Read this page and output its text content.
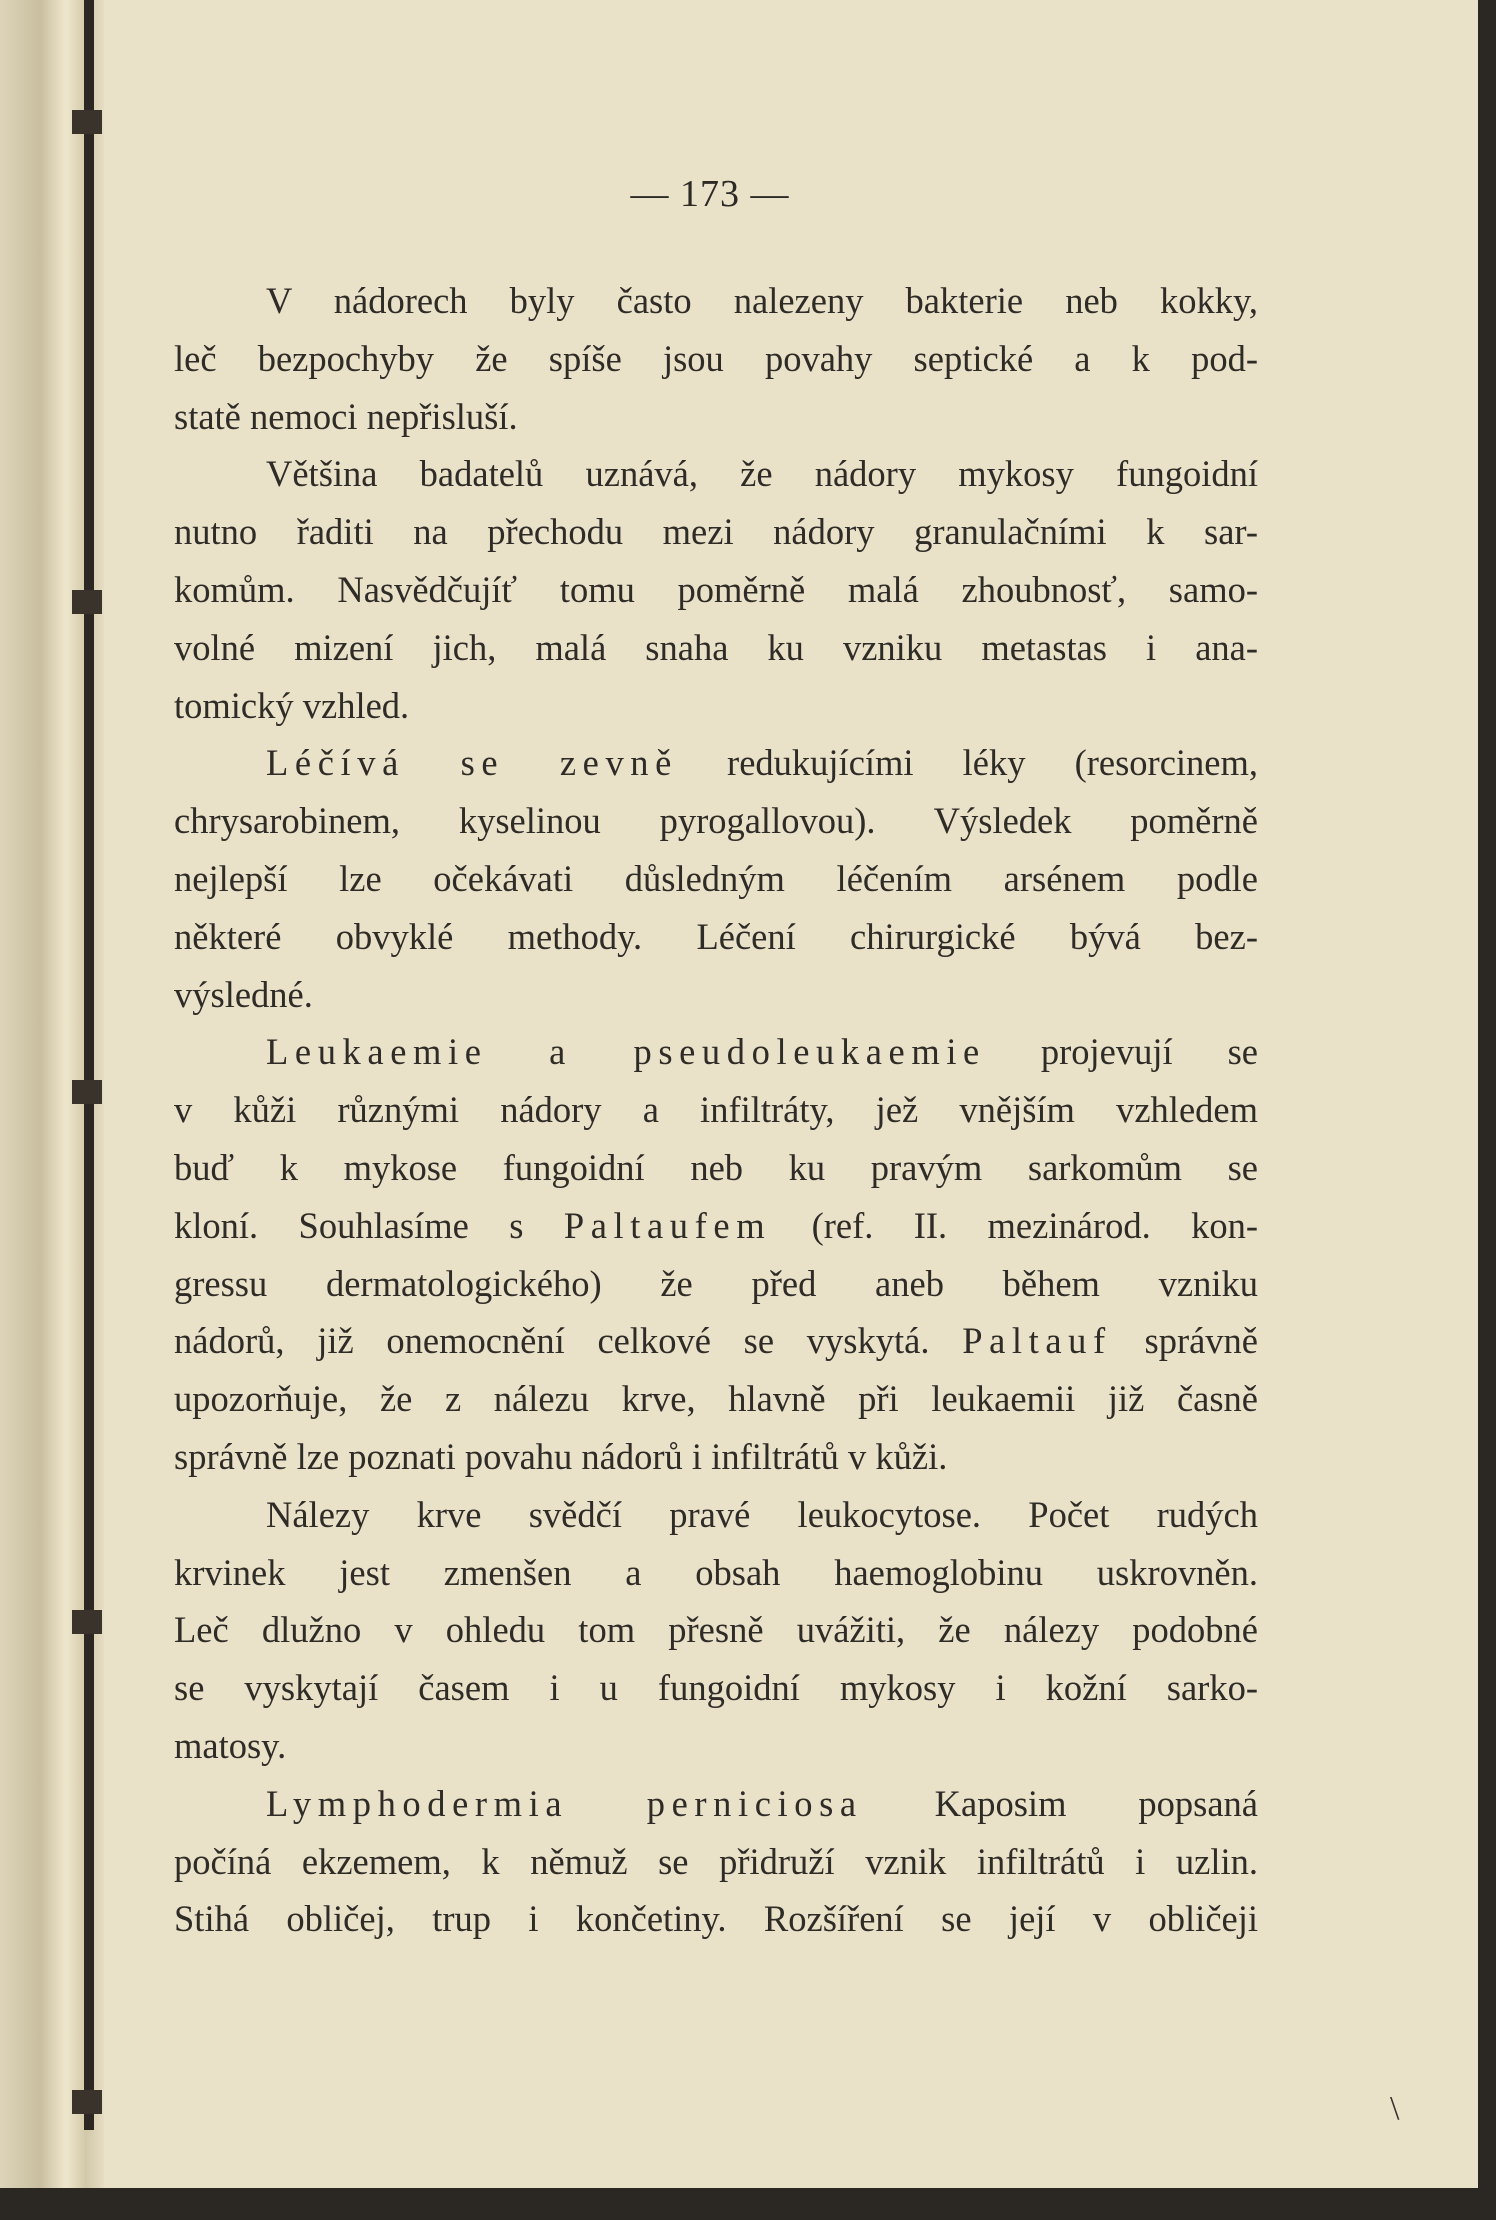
— 173 —
V nádorech byly často nalezeny bakterie neb kokky,
leč bezpochyby že spíše jsou povahy septické a k pod-
statě nemoci nepřisluší.
Většina badatelů uznává, že nádory mykosy fungoidní
nutno řaditi na přechodu mezi nádory granulačními k sar-
komům. Nasvědčujíť tomu poměrně malá zhoubnosť, samo-
volné mizení jich, malá snaha ku vzniku metastas i ana-
tomický vzhled.
Léčívá se zevně redukujícími léky (resorcinem,
chrysarobinem, kyselinou pyrogallovou). Výsledek poměrně
nejlepší lze očekávati důsledným léčením arsénem podle
některé obvyklé methody. Léčení chirurgické bývá bez-
výsledné.
Leukaemie a pseudoleukaemie projevují se
v kůži různými nádory a infiltráty, jež vnějším vzhledem
buď k mykose fungoidní neb ku pravým sarkomům se
kloní. Souhlasíme s Paltaufem (ref. II. mezinárod. kon-
gressu dermatologického) že před aneb během vzniku
nádorů, již onemocnění celkové se vyskytá. Paltauf správně
upozorňuje, že z nálezu krve, hlavně při leukaemii již časně
správně lze poznati povahu nádorů i infiltrátů v kůži.
Nálezy krve svědčí pravé leukocytose. Počet rudých
krvinek jest zmenšen a obsah haemoglobinu uskrovněn.
Leč dlužno v ohledu tom přesně uvážiti, že nálezy podobné
se vyskytají časem i u fungoidní mykosy i kožní sarko-
matosy.
Lymphodermia perniciosa Kaposim popsaná
počíná ekzemem, k němuž se přidruží vznik infiltrátů i uzlin.
Stihá obličej, trup i končetiny. Rozšíření se její v obličeji
\
